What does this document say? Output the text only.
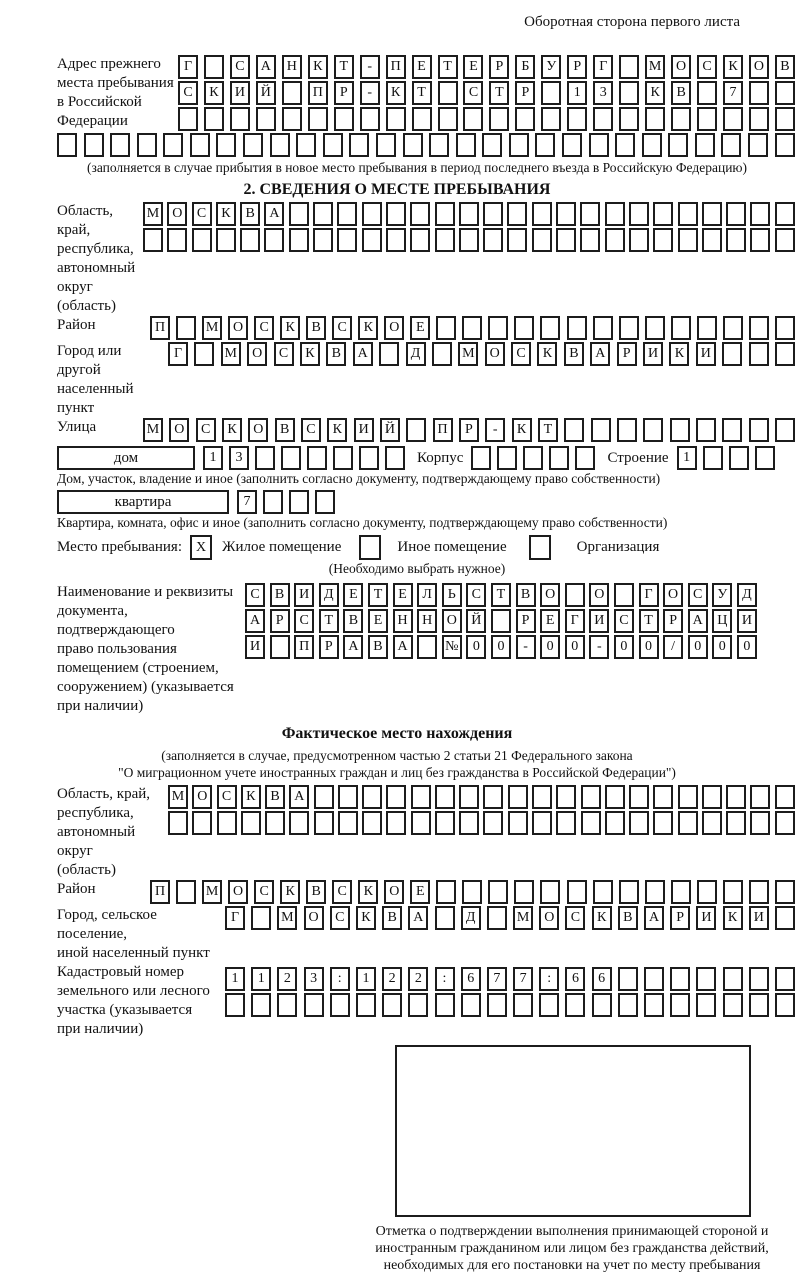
Оборотная сторона первого листа
Адрес прежнего
места пребывания
в Российской
Федерации
Г	С	А	Н	К	Т	-	П	Е	Т	Е	Р	Б	У	Р	Г	М	О	С	К	О	В
С	К	И	Й	П	Р	-	К	Т	С	Т	Р	1	3	К	В	7
(заполняется в случае прибытия в новое место пребывания в период последнего въезда в Российскую Федерацию)
2. СВЕДЕНИЯ О МЕСТЕ ПРЕБЫВАНИЯ
Область, край,
республика,
автономный
округ (область)
М О	С	К	В	А
Район	П	М	О	С	К	В	С	К	О	Е
Город или другой
населенный пункт
Г	М	О	С	К	В	А	Д	М	О	С	К	В	А	Р	И	К	И
Улица	М	О	С	К	О	В	С	К	И	Й	П	Р	-	К	Т
дом	1	3	Корпус	Строение	1
Дом, участок, владение и иное (заполнить согласно документу, подтверждающему право собственности)
квартира	7
Квартира, комната, офис и иное (заполнить согласно документу, подтверждающему право собственности)
Место пребывания: X	Жилое помещение	Иное помещение	Организация
(Необходимо выбрать нужное)
Наименование и реквизиты
документа, подтверждающего
право пользования
помещением (строением,
сооружением) (указывается
при наличии)
С	В	И	Д	Е	Т	Е	Л	Ь	С	Т	В	О	О	Г	О	С	У	Д
А	Р	С	Т	В	Е	Н	Н	О	Й	Р	Е	Г	И	С	Т	Р	А	Ц	И
И	П	Р	А	В	А	№	0	0	-	0	0	-	0	0	/	0	0	0
Фактическое место нахождения
(заполняется в случае, предусмотренном частью 2 статьи 21 Федерального закона
"О миграционном учете иностранных граждан и лиц без гражданства в Российской Федерации")
Область, край,
республика,
автономный округ
(область)
М О	С	К	В	А
Район	П	М	О	С	К	В	С	К	О	Е
Город, сельское поселение,
иной населенный пункт
Г	М	О	С	К	В	А	Д	М	О	С	К	В	А	Р	И	К	И
Кадастровый номер
земельного или лесного
участка (указывается
при наличии)
1	1	2	3	:	1	2	2	:	6	7	7	:	6	6
Отметка о подтверждении выполнения принимающей стороной и иностранным гражданином или лицом без гражданства действий, необходимых для его постановки на учет по месту пребывания
